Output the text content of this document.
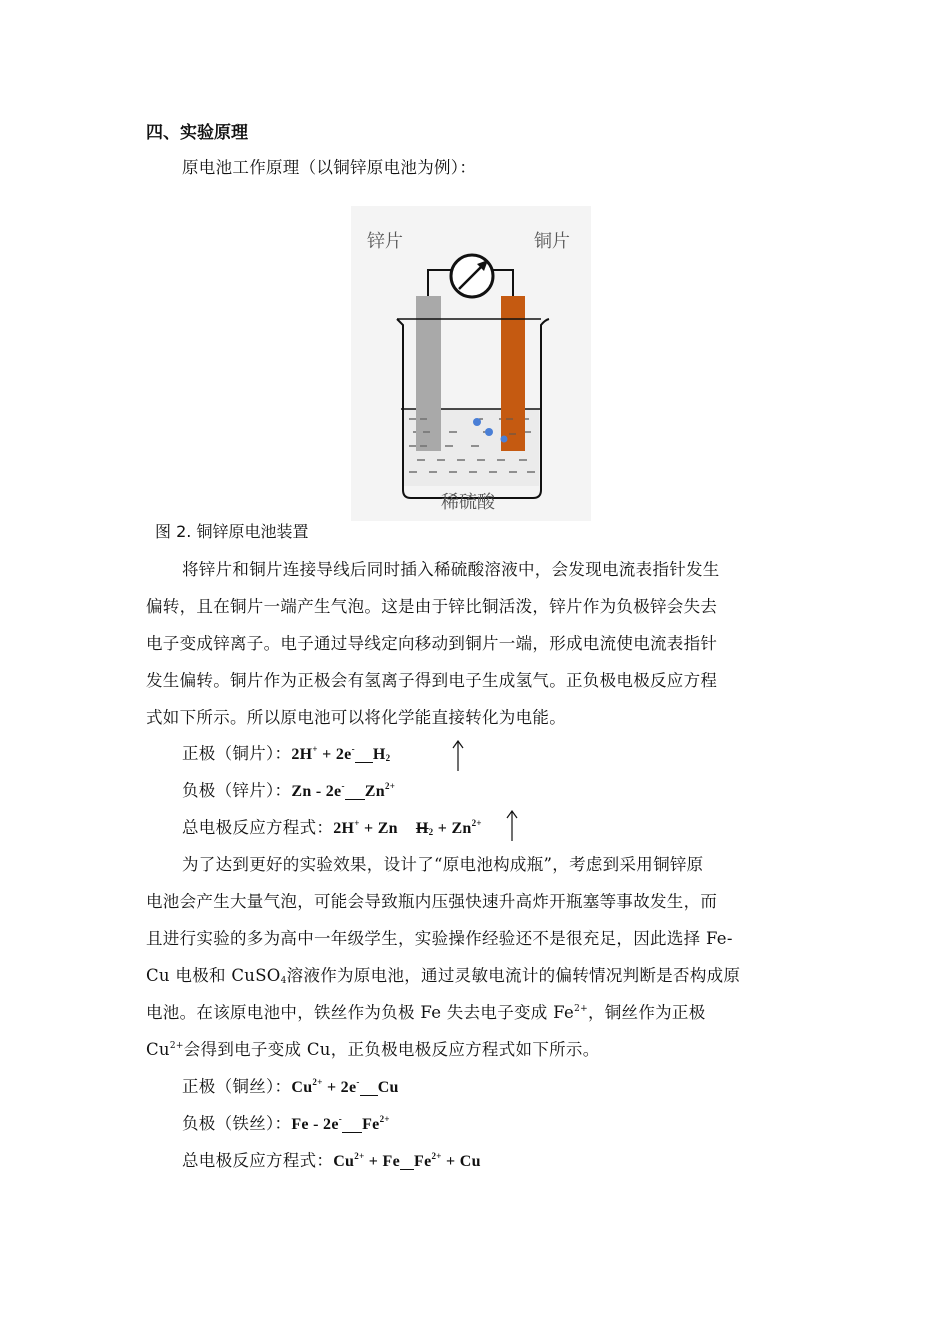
四、实验原理
原电池工作原理（以铜锌原电池为例）：
锌片	铜片
稀硫酸
图 2. 铜锌原电池装置
将锌片和铜片连接导线后同时插入稀硫酸溶液中，会发现电流表指针发生
偏转，且在铜片一端产生气泡。这是由于锌比铜活泼，锌片作为负极锌会失去
电子变成锌离子。电子通过导线定向移动到铜片一端，形成电流使电流表指针
发生偏转。铜片作为正极会有氢离子得到电子生成氢气。正负极电极反应方程
式如下所示。所以原电池可以将化学能直接转化为电能。
正极（铜片）：2H+ + 2e- $H_2$
负极（锌片）：Zn - 2e- $Zn^{2+}$
总电极反应方程式：2H+ + Zn $H_2 + Zn^{2+}$
为了达到更好的实验效果，设计了“原电池构成瓶”，考虑到采用铜锌原
电池会产生大量气泡，可能会导致瓶内压强快速升高炸开瓶塞等事故发生，而
且进行实验的多为高中一年级学生，实验操作经验还不是很充足，因此选择 Fe-
Cu 电极和 CuSO$_4$溶液作为原电池，通过灵敏电流计的偏转情况判断是否构成原
电池。在该原电池中，铁丝作为负极 Fe 失去电子变成 $Fe^{2+}$，铜丝作为正极
$Cu^{2+}$会得到电子变成 Cu，正负极电极反应方程式如下所示。
正极（铜丝）：$Cu^{2+} + 2e^-$ Cu
负极（铁丝）：Fe - 2e- $Fe^{2+}$
总电极反应方程式：$Cu^{2+} + Fe$ $Fe^{2+} + Cu$
